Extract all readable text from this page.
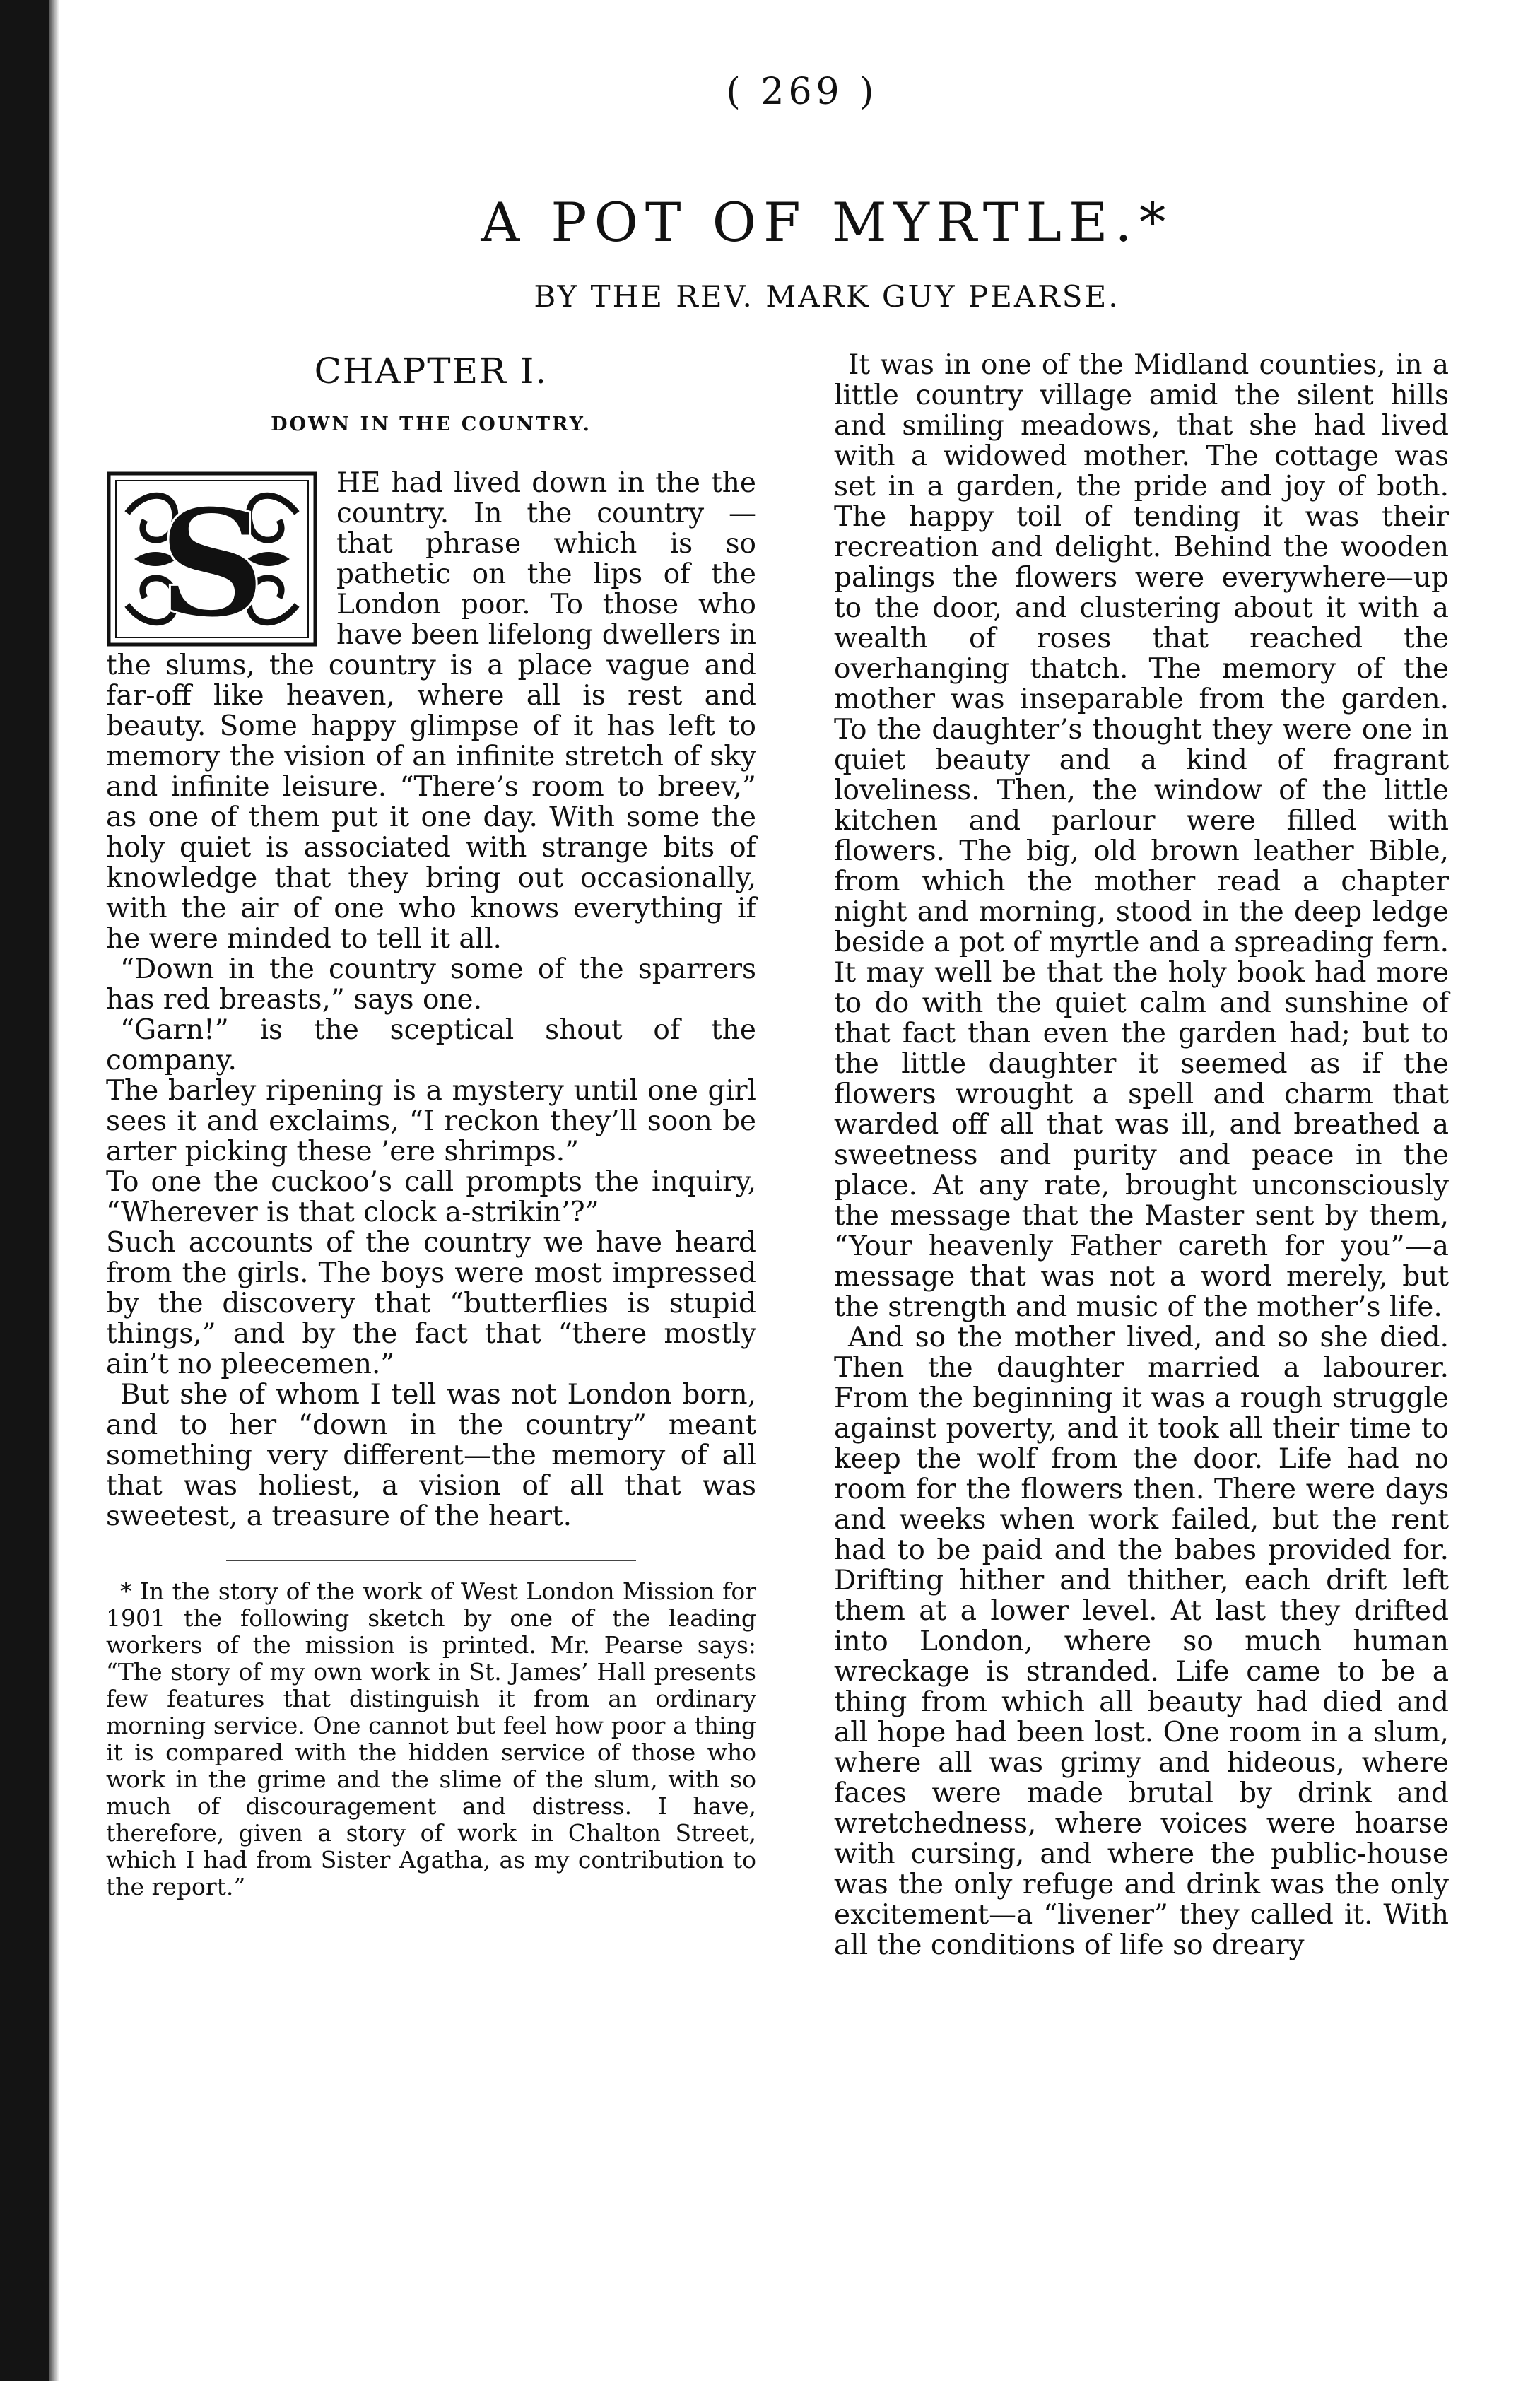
( 269 )
A POT OF MYRTLE.*
BY THE REV. MARK GUY PEARSE.
CHAPTER I.
DOWN IN THE COUNTRY.
S	HE had lived down in the the country. In the country — that phrase which is so pathetic on the lips of the London poor. To those who have been lifelong dwellers in the slums, the country is a place vague and far-off like heaven, where all is rest and beauty. Some happy glimpse of it has left to memory the vision of an infinite stretch of sky and infinite leisure. “There’s room to breev,” as one of them put it one day. With some the holy quiet is associated with strange bits of knowledge that they bring out occasionally, with the air of one who knows everything if he were minded to tell it all.

“Down in the country some of the sparrers has red breasts,” says one.

“Garn!” is the sceptical shout of the company.

The barley ripening is a mystery until one girl sees it and exclaims, “I reckon they’ll soon be arter picking these ’ere shrimps.”

To one the cuckoo’s call prompts the inquiry, “Wherever is that clock a-strikin’?”

Such accounts of the country we have heard from the girls. The boys were most impressed by the discovery that “butterflies is stupid things,” and by the fact that “there mostly ain’t no pleecemen.”

But she of whom I tell was not London born, and to her “down in the country” meant something very different—the memory of all that was holiest, a vision of all that was sweetest, a treasure of the heart.

* In the story of the work of West London Mission for 1901 the following sketch by one of the leading workers of the mission is printed. Mr. Pearse says: “The story of my own work in St. James’ Hall presents few features that distinguish it from an ordinary morning service. One cannot but feel how poor a thing it is compared with the hidden service of those who work in the grime and the slime of the slum, with so much of discouragement and distress. I have, therefore, given a story of work in Chalton Street, which I had from Sister Agatha, as my contribution to the report.”

It was in one of the Midland counties, in a little country village amid the silent hills and smiling meadows, that she had lived with a widowed mother. The cottage was set in a garden, the pride and joy of both. The happy toil of tending it was their recreation and delight. Behind the wooden palings the flowers were everywhere—up to the door, and clustering about it with a wealth of roses that reached the overhanging thatch. The memory of the mother was inseparable from the garden. To the daughter’s thought they were one in quiet beauty and a kind of fragrant loveliness. Then, the window of the little kitchen and parlour were filled with flowers. The big, old brown leather Bible, from which the mother read a chapter night and morning, stood in the deep ledge beside a pot of myrtle and a spreading fern. It may well be that the holy book had more to do with the quiet calm and sunshine of that fact than even the garden had; but to the little daughter it seemed as if the flowers wrought a spell and charm that warded off all that was ill, and breathed a sweetness and purity and peace in the place. At any rate, brought unconsciously the message that the Master sent by them, “Your heavenly Father careth for you”—a message that was not a word merely, but the strength and music of the mother’s life.

And so the mother lived, and so she died. Then the daughter married a labourer. From the beginning it was a rough struggle against poverty, and it took all their time to keep the wolf from the door. Life had no room for the flowers then. There were days and weeks when work failed, but the rent had to be paid and the babes provided for. Drifting hither and thither, each drift left them at a lower level. At last they drifted into London, where so much human wreckage is stranded. Life came to be a thing from which all beauty had died and all hope had been lost. One room in a slum, where all was grimy and hideous, where faces were made brutal by drink and wretchedness, where voices were hoarse with cursing, and where the public-house was the only refuge and drink was the only excitement—a “livener” they called it. With all the conditions of life so dreary
